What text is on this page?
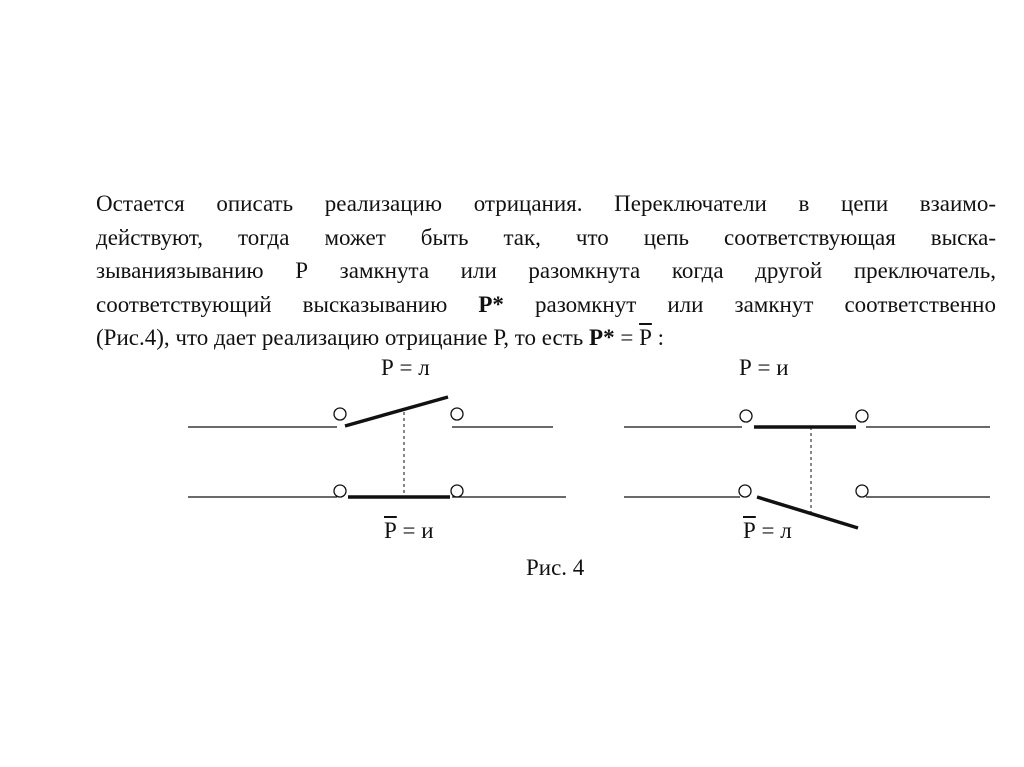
Остается описать реализацию отрицания. Переключатели в цепи взаимо-
действуют, тогда может быть так, что цепь соответствующая выска-
зываниязыванию Р замкнута или разомкнута когда другой преключатель,
соответствующий высказыванию Р* разомкнут или замкнут соответственно
(Рис.4), что дает реализацию отрицание Р, то есть Р* = Р :
Р = л	Р = и
Р = и	Р = л
Рис. 4
